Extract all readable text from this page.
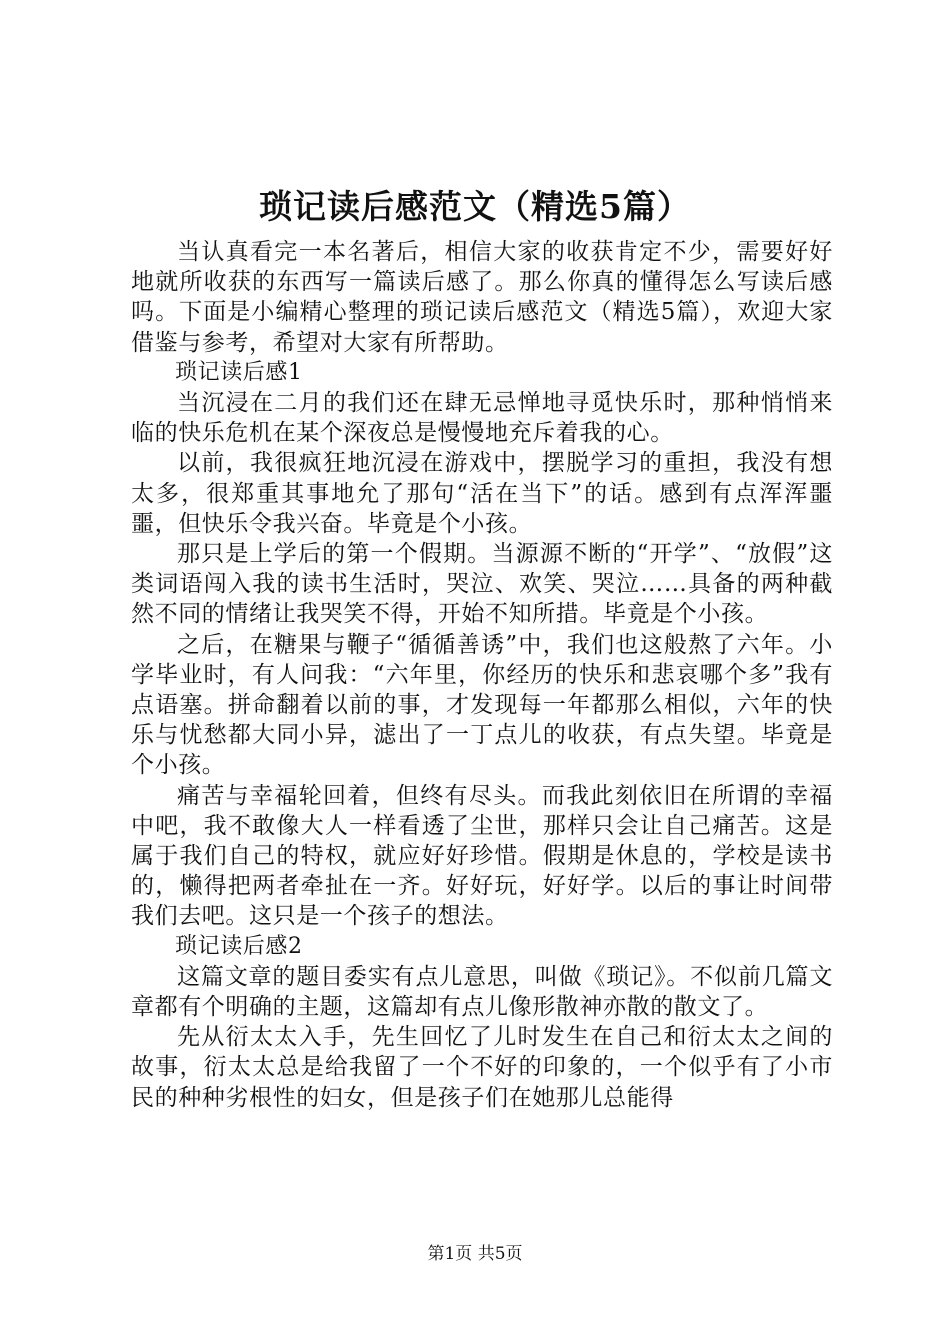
琐记读后感范文（精选5篇）

当认真看完一本名著后，相信大家的收获肯定不少，需要好好地就所收获的东西写一篇读后感了。那么你真的懂得怎么写读后感吗。下面是小编精心整理的琐记读后感范文（精选5篇），欢迎大家借鉴与参考，希望对大家有所帮助。

琐记读后感1

当沉浸在二月的我们还在肆无忌惮地寻觅快乐时，那种悄悄来临的快乐危机在某个深夜总是慢慢地充斥着我的心。

以前，我很疯狂地沉浸在游戏中，摆脱学习的重担，我没有想太多，很郑重其事地允了那句“活在当下”的话。感到有点浑浑噩噩，但快乐令我兴奋。毕竟是个小孩。

那只是上学后的第一个假期。当源源不断的“开学”、“放假”这类词语闯入我的读书生活时，哭泣、欢笑、哭泣……具备的两种截然不同的情绪让我哭笑不得，开始不知所措。毕竟是个小孩。

之后，在糖果与鞭子“循循善诱”中，我们也这般熬了六年。小学毕业时，有人问我：“六年里，你经历的快乐和悲哀哪个多”我有点语塞。拼命翻着以前的事，才发现每一年都那么相似，六年的快乐与忧愁都大同小异，滤出了一丁点儿的收获，有点失望。毕竟是个小孩。

痛苦与幸福轮回着，但终有尽头。而我此刻依旧在所谓的幸福中吧，我不敢像大人一样看透了尘世，那样只会让自己痛苦。这是属于我们自己的特权，就应好好珍惜。假期是休息的，学校是读书的，懒得把两者牵扯在一齐。好好玩，好好学。以后的事让时间带我们去吧。这只是一个孩子的想法。

琐记读后感2

这篇文章的题目委实有点儿意思，叫做《琐记》。不似前几篇文章都有个明确的主题，这篇却有点儿像形散神亦散的散文了。

先从衍太太入手，先生回忆了儿时发生在自己和衍太太之间的故事，衍太太总是给我留了一个不好的印象的，一个似乎有了小市民的种种劣根性的妇女，但是孩子们在她那儿总能得

第1页 共5页
